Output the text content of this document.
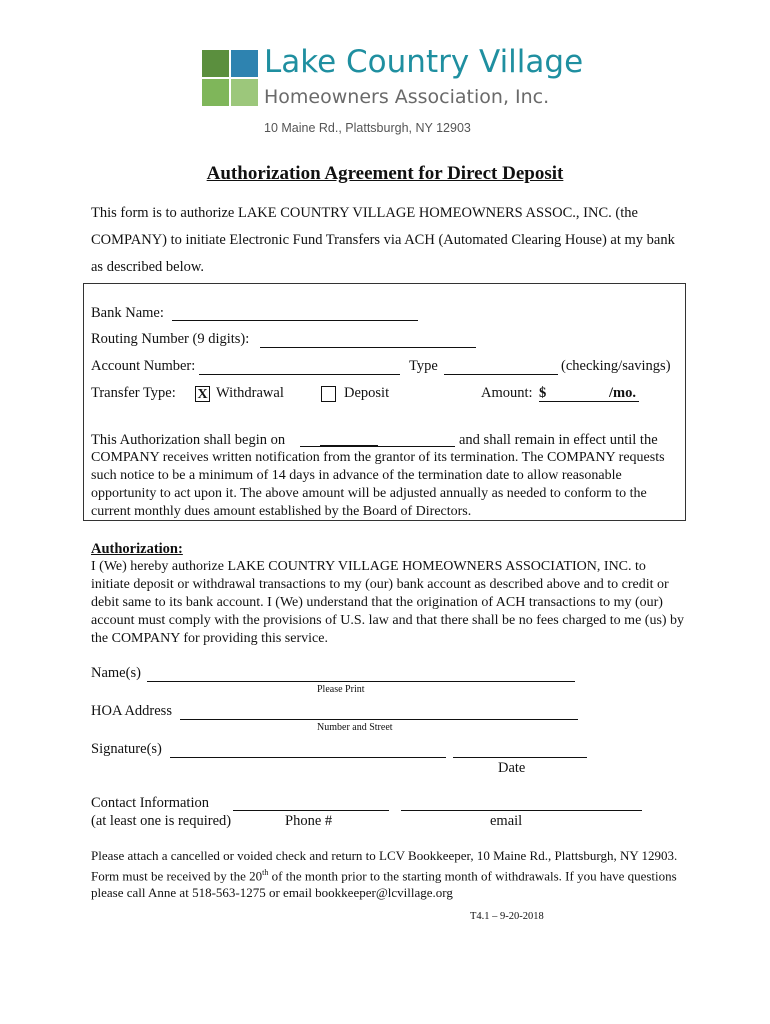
Lake Country Village
Homeowners Association, Inc.
10 Maine Rd., Plattsburgh, NY 12903
Authorization Agreement for Direct Deposit
This form is to authorize LAKE COUNTRY VILLAGE HOMEOWNERS ASSOC., INC. (the COMPANY) to initiate Electronic Fund Transfers via ACH (Automated Clearing House) at my bank as described below.
Bank Name:
Routing Number (9 digits):
Account Number:	Type	(checking/savings)
Transfer Type: X Withdrawal	Deposit	Amount: $	/mo.
This Authorization shall begin on	and shall remain in effect until the
COMPANY receives written notification from the grantor of its termination. The COMPANY requests such notice to be a minimum of 14 days in advance of the termination date to allow reasonable opportunity to act upon it. The above amount will be adjusted annually as needed to conform to the current monthly dues amount established by the Board of Directors.
Authorization:
I (We) hereby authorize LAKE COUNTRY VILLAGE HOMEOWNERS ASSOCIATION, INC. to initiate deposit or withdrawal transactions to my (our) bank account as described above and to credit or debit same to its bank account. I (We) understand that the origination of ACH transactions to my (our) account must comply with the provisions of U.S. law and that there shall be no fees charged to me (us) by the COMPANY for providing this service.
Name(s)
Please Print
HOA Address
Number and Street
Signature(s)
Date
Contact Information
(at least one is required)	Phone #	email
Please attach a cancelled or voided check and return to LCV Bookkeeper, 10 Maine Rd., Plattsburgh, NY 12903. Form must be received by the 20th of the month prior to the starting month of withdrawals. If you have questions please call Anne at 518-563-1275 or email bookkeeper@lcvillage.org
T4.1 – 9-20-2018
